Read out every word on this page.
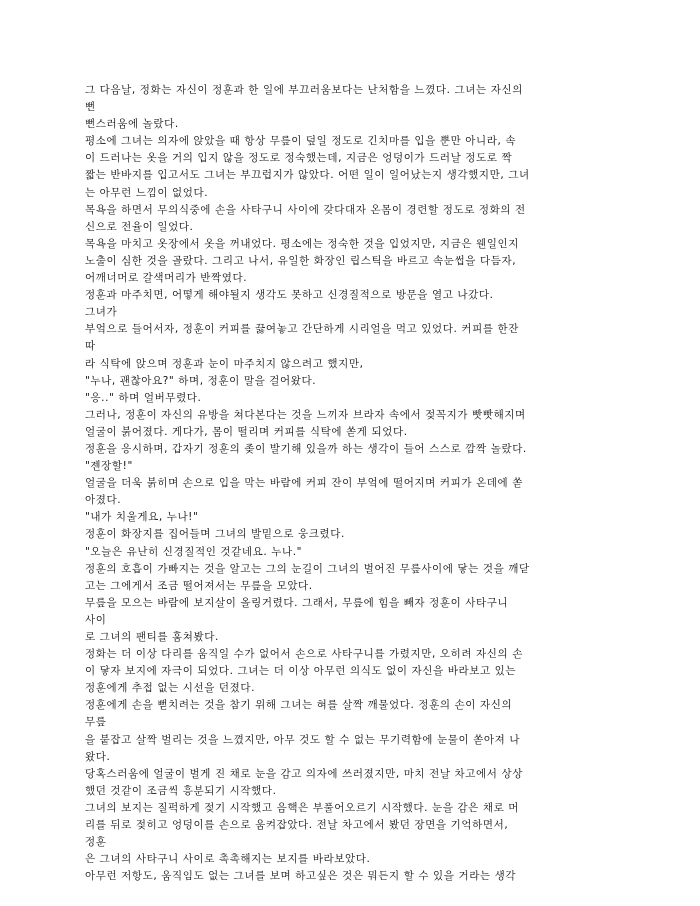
그 다음날, 정화는 자신이 정훈과 한 일에 부끄러움보다는 난처함을 느꼈다. 그녀는 자신의
뻔
뻔스러움에 놀랐다.
평소에 그녀는 의자에 앉았을 때 항상 무릎이 덮일 정도로 긴치마를 입을 뿐만 아니라, 속
이 드러나는 옷을 거의 입지 않을 정도로 정숙했는데, 지금은 엉덩이가 드러날 정도로 짝
짧는 반바지를 입고서도 그녀는 부끄럽지가 않았다. 어떤 일이 일어났는지 생각했지만, 그녀
는 아무런 느낌이 없었다.
목욕을 하면서 무의식중에 손을 사타구니 사이에 갖다대자 온몸이 경련할 정도로 정화의 전
신으로 전율이 일었다.
목욕을 마치고 옷장에서 옷을 꺼내었다. 평소에는 정숙한 것을 입었지만, 지금은 웬일인지
노출이 심한 것을 골랐다. 그리고 나서, 유일한 화장인 립스틱을 바르고 속눈썹을 다듬자,
어깨너머로 갈색머리가 반짝였다.
정훈과 마주치면, 어떻게 해야될지 생각도 못하고 신경질적으로 방문을 열고 나갔다.
그녀가
부엌으로 들어서자, 정훈이 커피를 끓여놓고 간단하게 시리얼을 먹고 있었다. 커피를 한잔
따
라 식탁에 앉으며 정훈과 눈이 마주치지 않으려고 했지만,
"누나, 괜찮아요?" 하며, 정훈이 말을 걸어왔다.
"응.." 하며 얼버무렸다.
그러나, 정훈이 자신의 유방을 쳐다본다는 것을 느끼자 브라자 속에서 젖꼭지가 빳빳해지며
얼굴이 붉어졌다. 게다가, 몸이 떨리며 커피를 식탁에 쏟게 되었다.
정훈을 응시하며, 갑자기 정훈의 좆이 발기해 있을까 하는 생각이 들어 스스로 깜짝 놀랐다.
"젠장할!"
얼굴을 더욱 붉히며 손으로 입을 막는 바람에 커피 잔이 부엌에 떨어지며 커피가 온데에 쏟
아졌다.
"내가 치울게요, 누나!"
정훈이 화장지를 집어들며 그녀의 발밑으로 웅크렸다.
"오늘은 유난히 신경질적인 것같네요. 누나."
정훈의 호흡이 가빠지는 것을 알고는 그의 눈길이 그녀의 벌어진 무릎사이에 닿는 것을 깨닫
고는 그에게서 조금 떨어져서는 무릎을 모았다.
무릎을 모으는 바람에 보지살이 올링거렸다. 그래서, 무릎에 힘을 빼자 정훈이 사타구니
사이
로 그녀의 팬티를 훔쳐봤다.
정화는 더 이상 다리를 움직일 수가 없어서 손으로 사타구니를 가렸지만, 오히려 자신의 손
이 닿자 보지에 자극이 되었다. 그녀는 더 이상 아무런 의식도 없이 자신을 바라보고 있는
정훈에게 추접 없는 시선을 던졌다.
정훈에게 손을 뻗치려는 것을 참기 위해 그녀는 혀를 살짝 깨물었다. 정훈의 손이 자신의
무릎
을 붙잡고 살짝 벌리는 것을 느꼈지만, 아무 것도 할 수 없는 무기력함에 눈물이 쏟아져 나
왔다.
당혹스러움에 얼굴이 벌게 진 채로 눈을 감고 의자에 쓰러졌지만, 마치 전날 차고에서 상상
했던 것같이 조금씩 흥분되기 시작했다.
그녀의 보지는 질퍽하게 젖기 시작했고 음핵은 부풀어오르기 시작했다. 눈을 감은 채로 머
리를 뒤로 젖히고 엉덩이를 손으로 움켜잡았다. 전날 차고에서 봤던 장면을 기억하면서,
정훈
은 그녀의 사타구니 사이로 촉촉해지는 보지를 바라보았다.
아무런 저항도, 움직임도 없는 그녀를 보며 하고싶은 것은 뭐든지 할 수 있을 거라는 생각
